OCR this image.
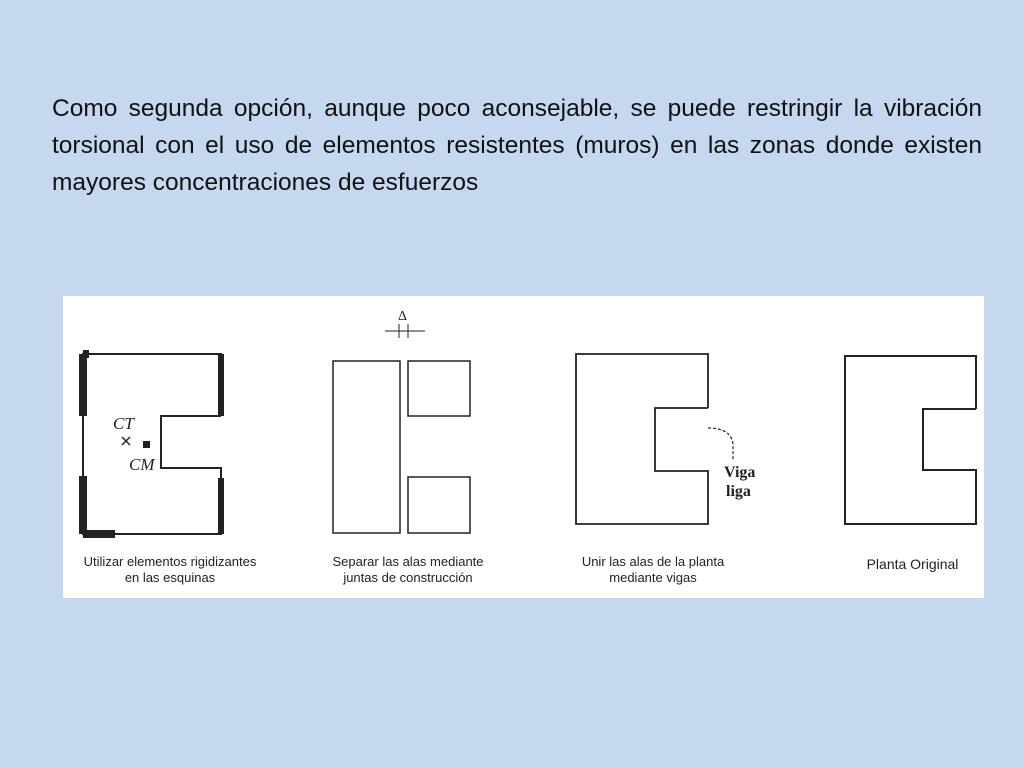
Como segunda opción, aunque poco aconsejable, se puede restringir la vibración torsional con el uso de elementos resistentes (muros) en las zonas donde existen mayores concentraciones de esfuerzos
CT
CM
Δ
Viga
liga
Utilizar elementos rigidizantes
en las esquinas
Separar las alas mediante
juntas de construcción
Unir las alas de la planta
mediante vigas
Planta Original
